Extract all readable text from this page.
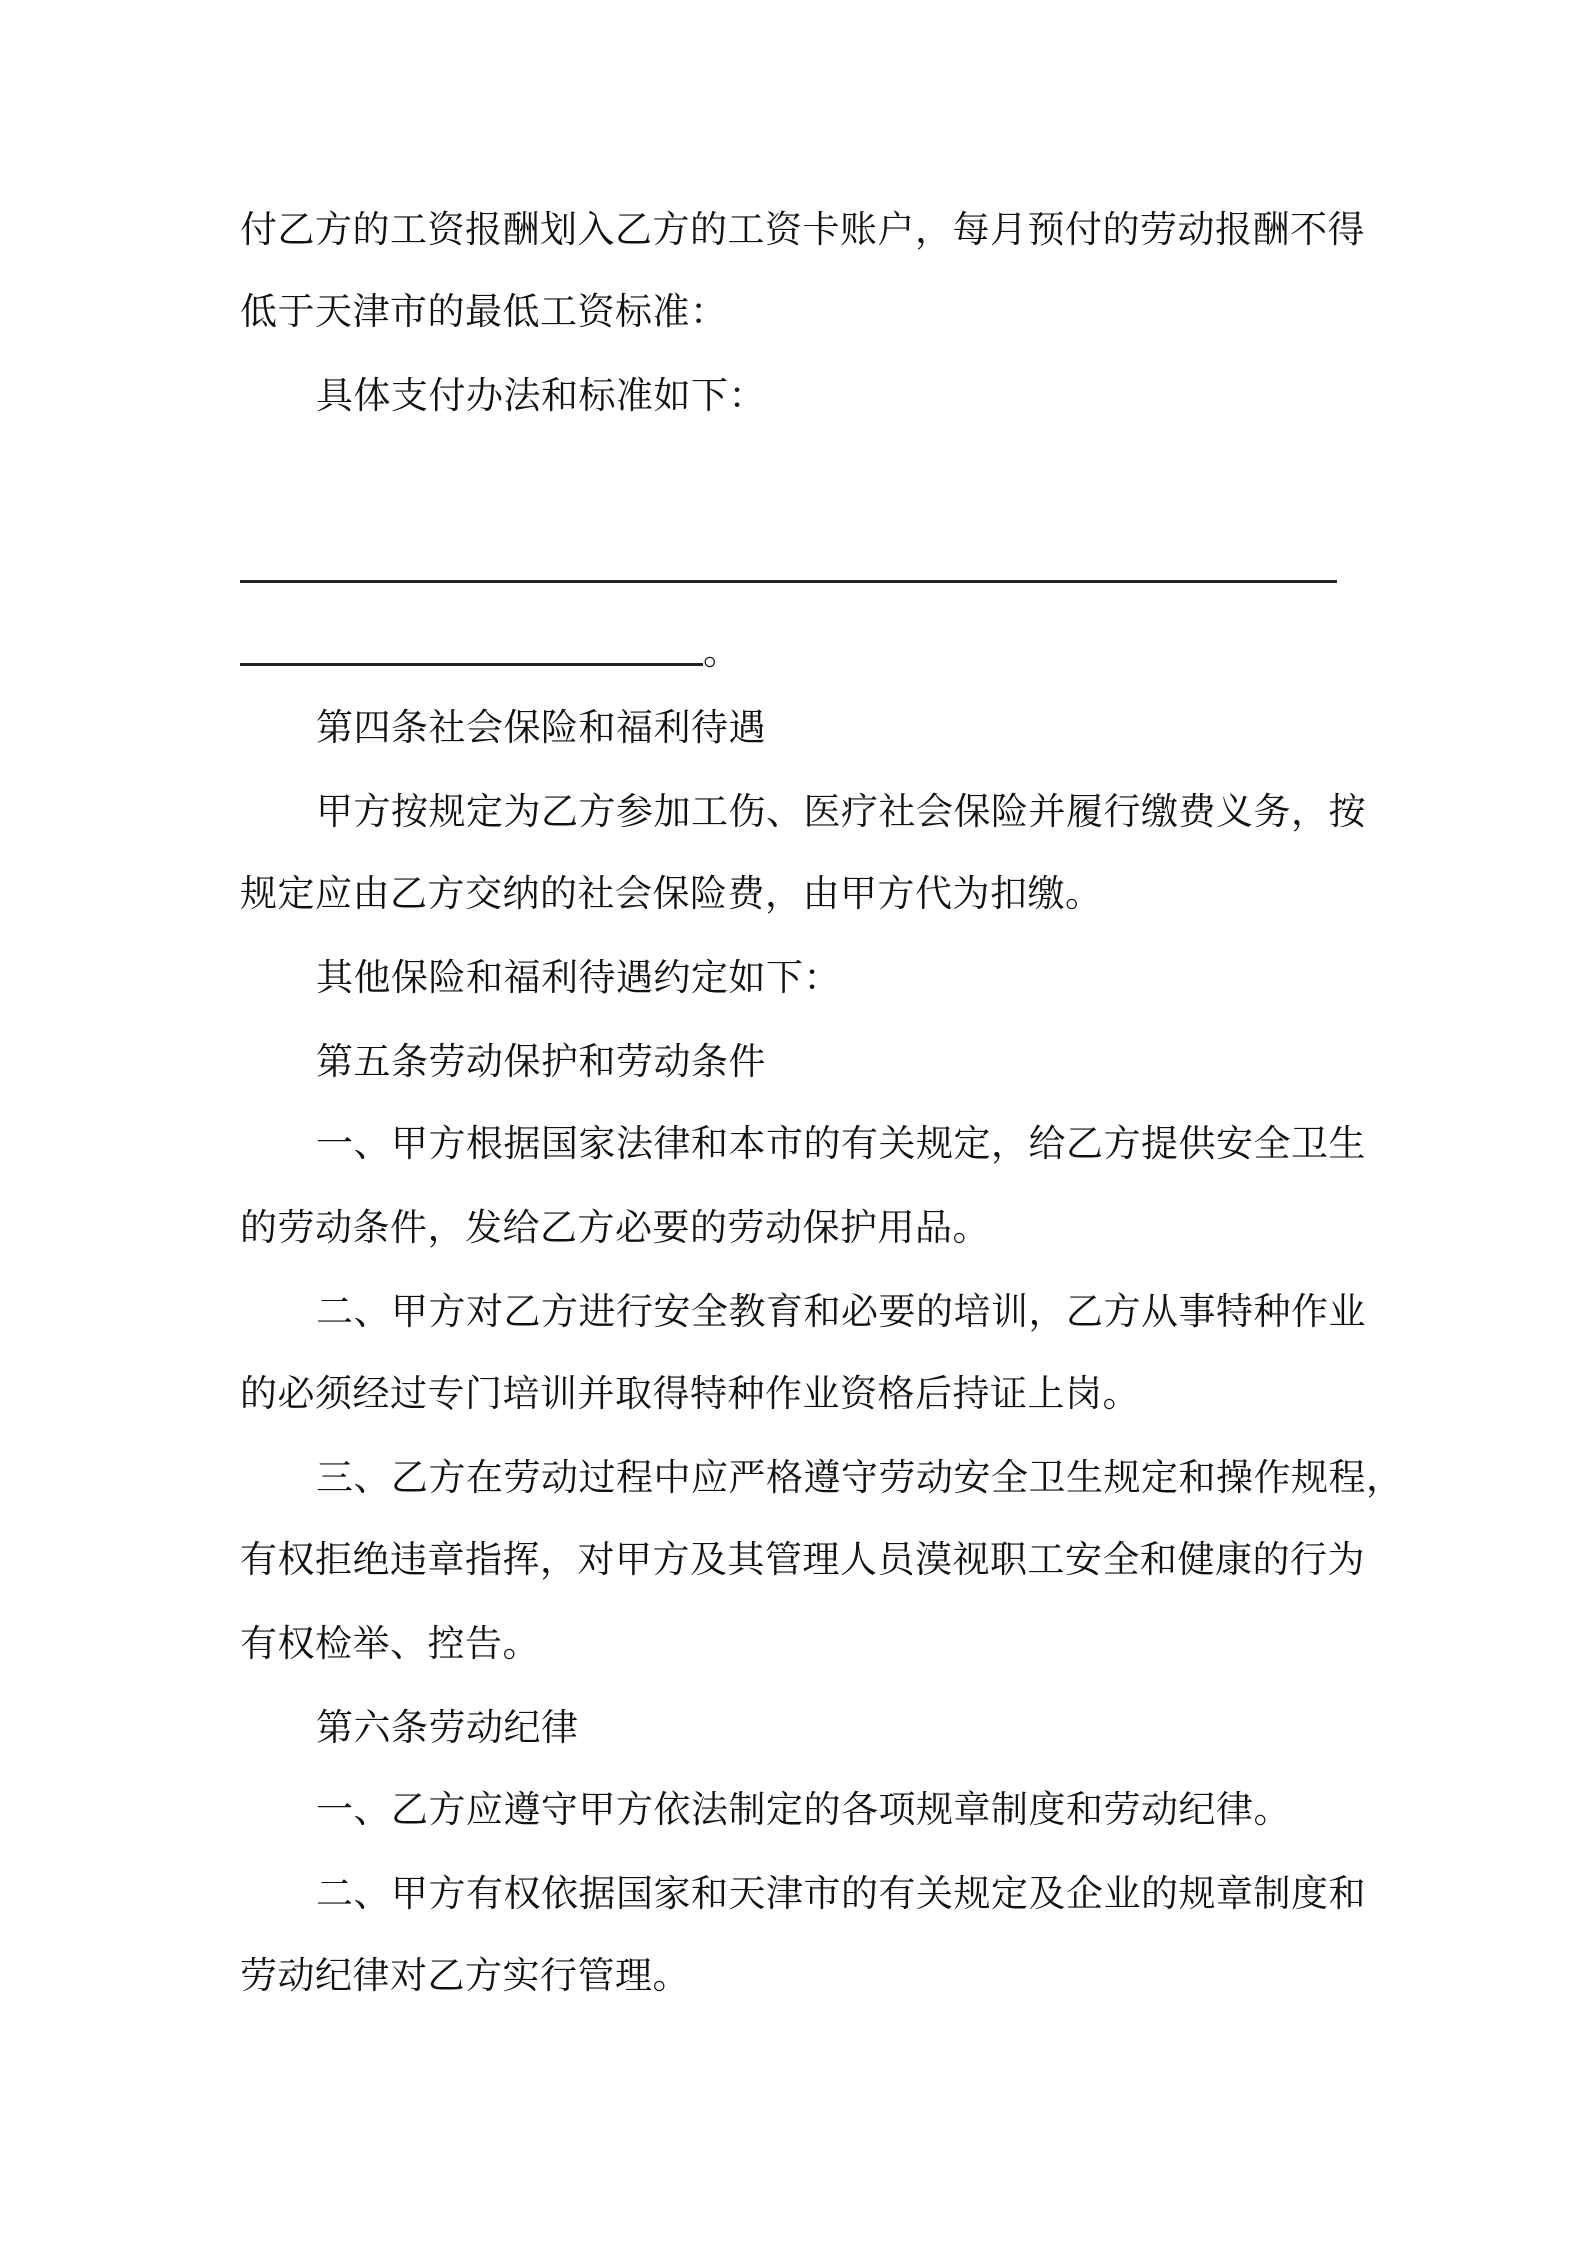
付乙方的工资报酬划入乙方的工资卡账户，每月预付的劳动报酬不得
低于天津市的最低工资标准：
具体支付办法和标准如下：
。
第四条社会保险和福利待遇
甲方按规定为乙方参加工伤、医疗社会保险并履行缴费义务，按
规定应由乙方交纳的社会保险费，由甲方代为扣缴。
其他保险和福利待遇约定如下：
第五条劳动保护和劳动条件
一、甲方根据国家法律和本市的有关规定，给乙方提供安全卫生
的劳动条件，发给乙方必要的劳动保护用品。
二、甲方对乙方进行安全教育和必要的培训，乙方从事特种作业
的必须经过专门培训并取得特种作业资格后持证上岗。
三、乙方在劳动过程中应严格遵守劳动安全卫生规定和操作规程，
有权拒绝违章指挥，对甲方及其管理人员漠视职工安全和健康的行为
有权检举、控告。
第六条劳动纪律
一、乙方应遵守甲方依法制定的各项规章制度和劳动纪律。
二、甲方有权依据国家和天津市的有关规定及企业的规章制度和
劳动纪律对乙方实行管理。
